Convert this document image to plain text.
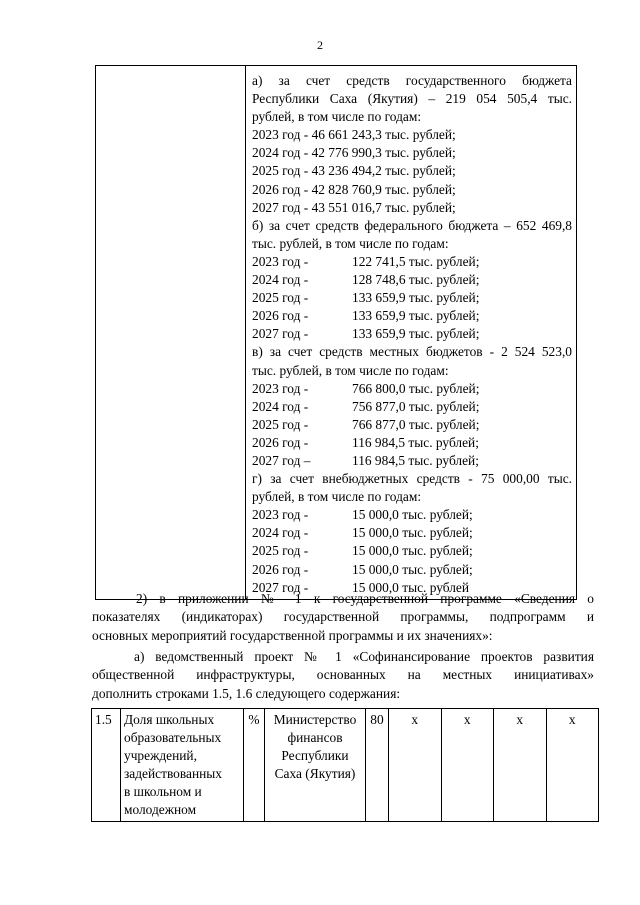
2

а) за счет средств государственного бюджета
Республики Саха (Якутия) – 219 054 505,4 тыс.
рублей, в том числе по годам:
2023 год - 46 661 243,3 тыс. рублей;
2024 год - 42 776 990,3 тыс. рублей;
2025 год - 43 236 494,2 тыс. рублей;
2026 год - 42 828 760,9 тыс. рублей;
2027 год - 43 551 016,7 тыс. рублей;
б) за счет средств федерального бюджета – 652 469,8
тыс. рублей, в том числе по годам:
2023 год -	122 741,5 тыс. рублей;
2024 год -	128 748,6 тыс. рублей;
2025 год -	133 659,9 тыс. рублей;
2026 год -	133 659,9 тыс. рублей;
2027 год -	133 659,9 тыс. рублей;
в) за счет средств местных бюджетов - 2 524 523,0
тыс. рублей, в том числе по годам:
2023 год -	766 800,0 тыс. рублей;
2024 год -	756 877,0 тыс. рублей;
2025 год -	766 877,0 тыс. рублей;
2026 год -	116 984,5 тыс. рублей;
2027 год –	116 984,5 тыс. рублей;
г) за счет внебюджетных средств - 75 000,00 тыс.
рублей, в том числе по годам:
2023 год -	15 000,0 тыс. рублей;
2024 год -	15 000,0 тыс. рублей;
2025 год -	15 000,0 тыс. рублей;
2026 год -	15 000,0 тыс. рублей;
2027 год -	15 000,0 тыс. рублей
2) в приложении № 1 к государственной программе «Сведения о
показателях (индикаторах) государственной программы, подпрограмм и
основных мероприятий государственной программы и их значениях»:
а) ведомственный проект № 1 «Софинансирование проектов развития
общественной инфраструктуры, основанных на местных инициативах»
дополнить строками 1.5, 1.6 следующего содержания:
1.5	Доля школьных
образовательных
учреждений,
задействованных
в школьном и
молодежном
	%	Министерство
финансов
Республики
Саха (Якутия)
	80	x	x	x	x
